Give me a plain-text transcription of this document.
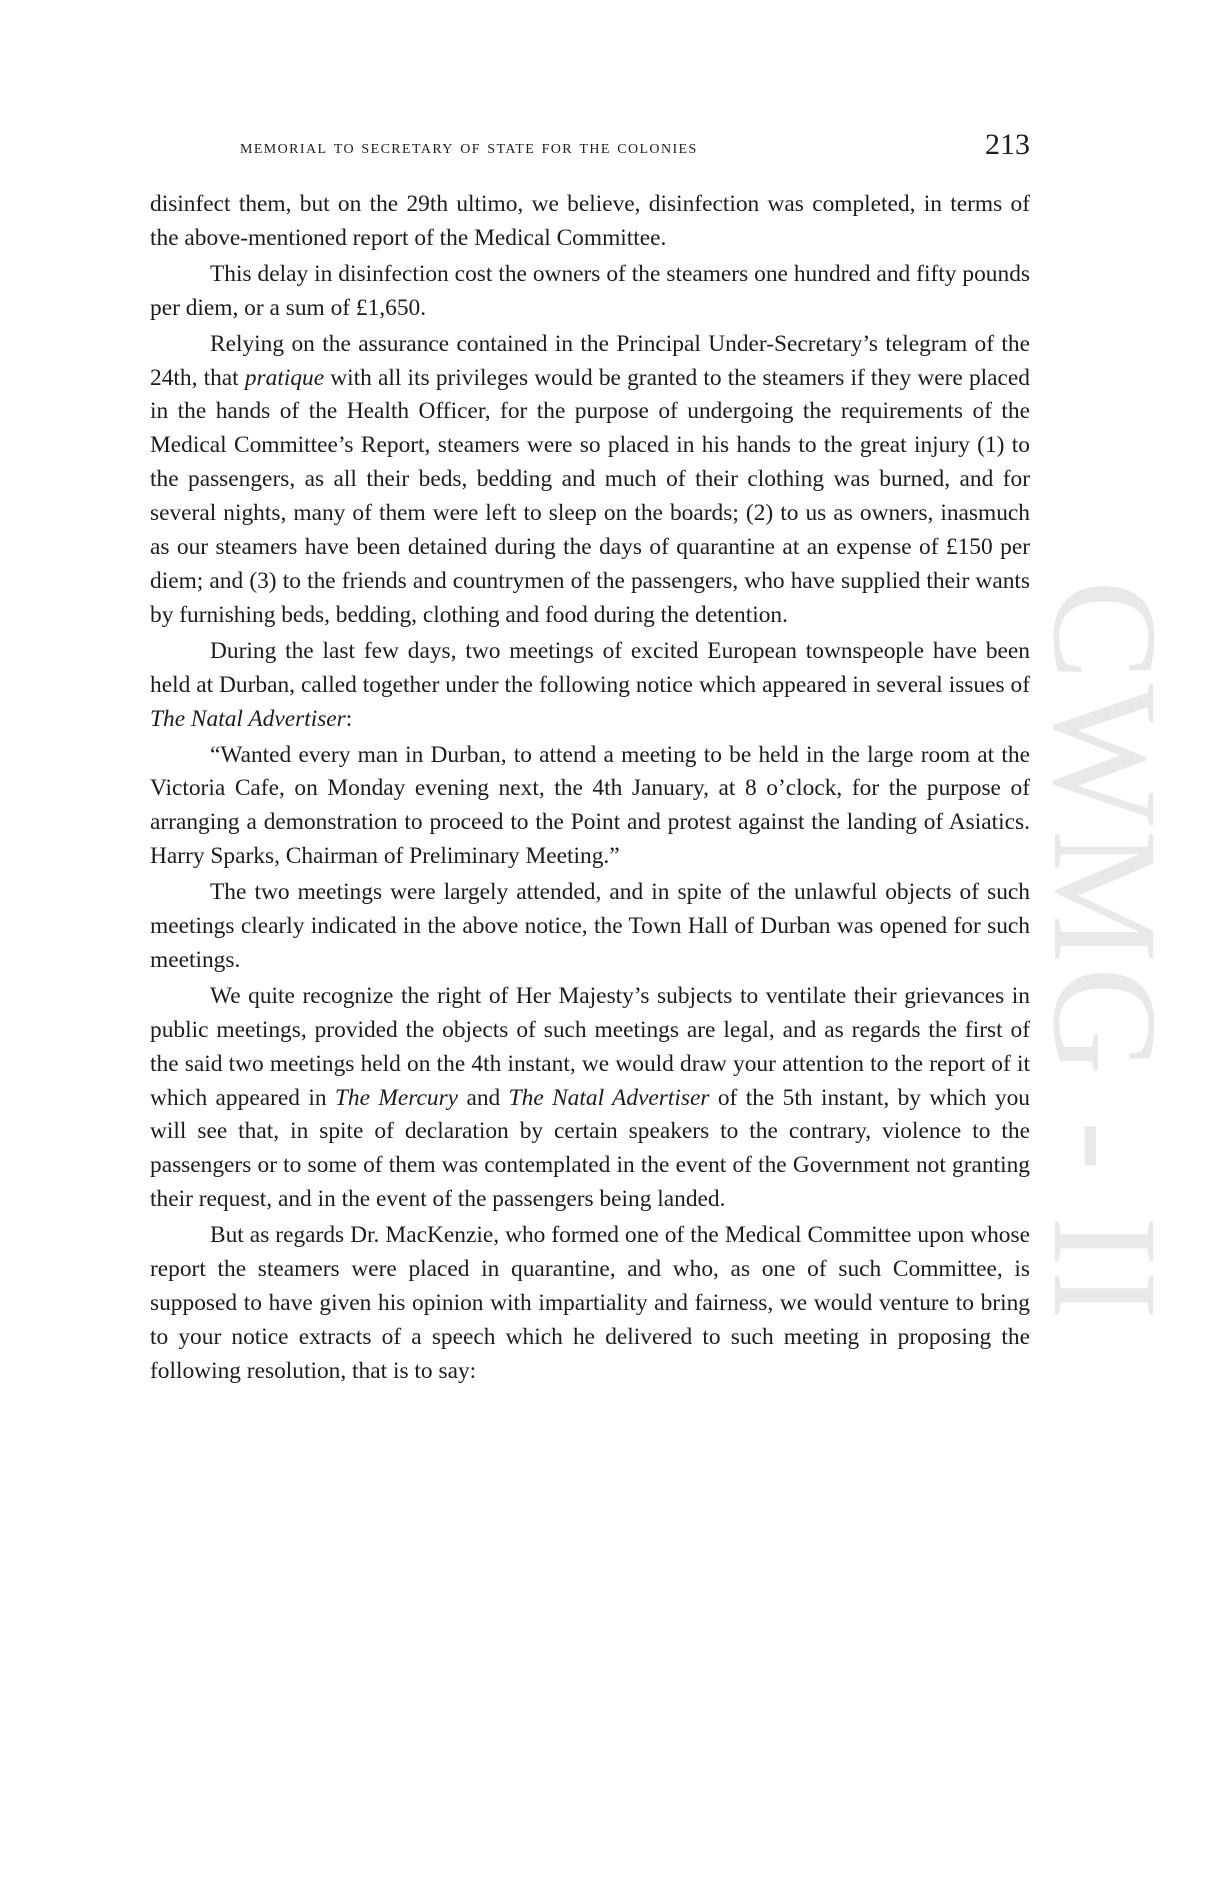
CWMG - II
memorial to secretary of state for the colonies	213

disinfect them, but on the 29th ultimo, we believe, disinfection was completed, in terms of the above-mentioned report of the Medical Committee.

This delay in disinfection cost the owners of the steamers one hundred and fifty pounds per diem, or a sum of £1,650.

Relying on the assurance contained in the Principal Under-Secretary’s telegram of the 24th, that pratique with all its privileges would be granted to the steamers if they were placed in the hands of the Health Officer, for the purpose of undergoing the requirements of the Medical Committee’s Report, steamers were so placed in his hands to the great injury (1) to the passengers, as all their beds, bedding and much of their clothing was burned, and for several nights, many of them were left to sleep on the boards; (2) to us as owners, inasmuch as our steamers have been detained during the days of quarantine at an expense of £150 per diem; and (3) to the friends and countrymen of the passengers, who have supplied their wants by furnishing beds, bedding, clothing and food during the detention.

During the last few days, two meetings of excited European townspeople have been held at Durban, called together under the following notice which appeared in several issues of The Natal Advertiser:

“Wanted every man in Durban, to attend a meeting to be held in the large room at the Victoria Cafe, on Monday evening next, the 4th January, at 8 o’clock, for the purpose of arranging a demonstration to proceed to the Point and protest against the landing of Asiatics. Harry Sparks, Chairman of Preliminary Meeting.”

The two meetings were largely attended, and in spite of the unlawful objects of such meetings clearly indicated in the above notice, the Town Hall of Durban was opened for such meetings.

We quite recognize the right of Her Majesty’s subjects to ventilate their grievances in public meetings, provided the objects of such meetings are legal, and as regards the first of the said two meetings held on the 4th instant, we would draw your attention to the report of it which appeared in The Mercury and The Natal Advertiser of the 5th instant, by which you will see that, in spite of declaration by certain speakers to the contrary, violence to the passengers or to some of them was contemplated in the event of the Government not granting their request, and in the event of the passengers being landed.

But as regards Dr. MacKenzie, who formed one of the Medical Committee upon whose report the steamers were placed in quarantine, and who, as one of such Committee, is supposed to have given his opinion with impartiality and fairness, we would venture to bring to your notice extracts of a speech which he delivered to such meeting in proposing the following resolution, that is to say:
